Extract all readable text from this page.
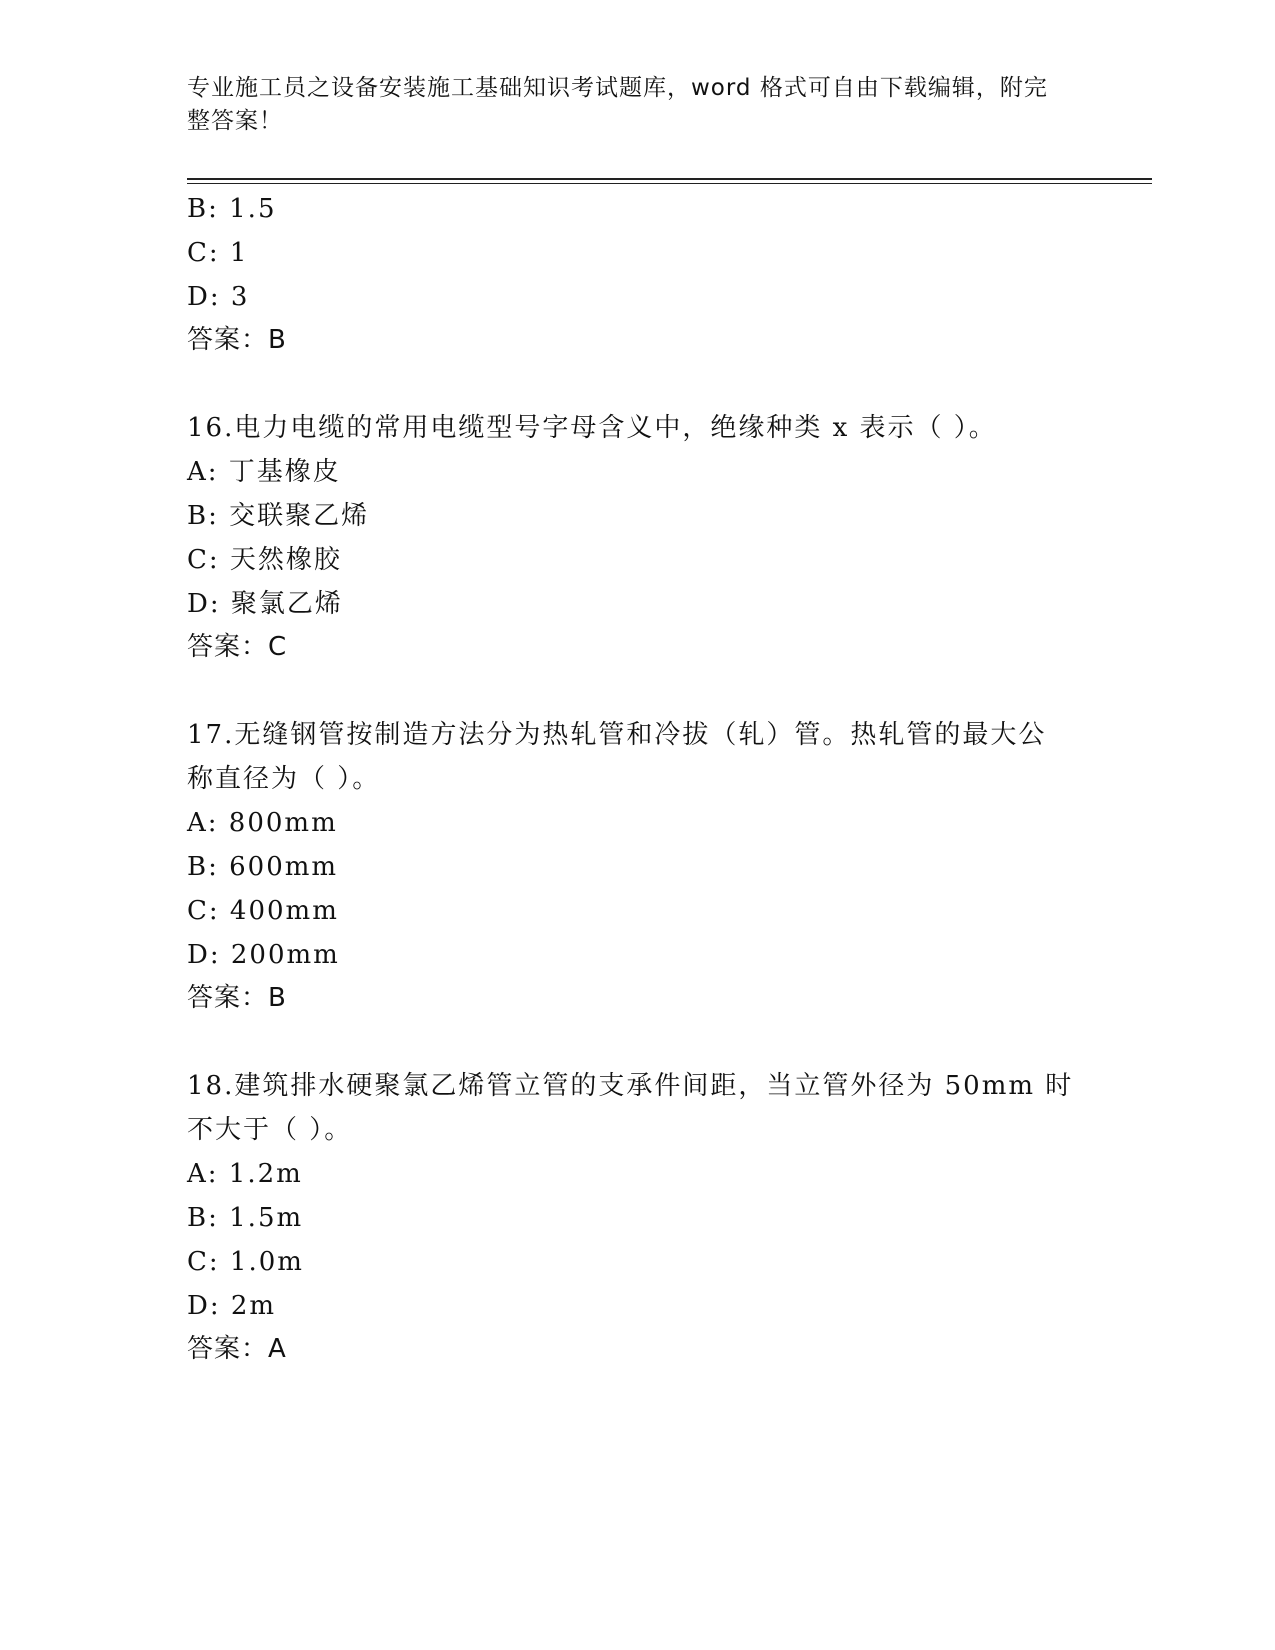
专业施工员之设备安装施工基础知识考试题库，word 格式可自由下载编辑，附完
整答案！
B: 1.5
C: 1
D: 3
答案：B
16.电力电缆的常用电缆型号字母含义中，绝缘种类 x 表示（ ）。
A: 丁基橡皮
B: 交联聚乙烯
C: 天然橡胶
D: 聚氯乙烯
答案：C
17.无缝钢管按制造方法分为热轧管和冷拔（轧）管。热轧管的最大公
称直径为（ ）。
A: 800mm
B: 600mm
C: 400mm
D: 200mm
答案：B
18.建筑排水硬聚氯乙烯管立管的支承件间距，当立管外径为 50mm 时
不大于（ ）。
A: 1.2m
B: 1.5m
C: 1.0m
D: 2m
答案：A
